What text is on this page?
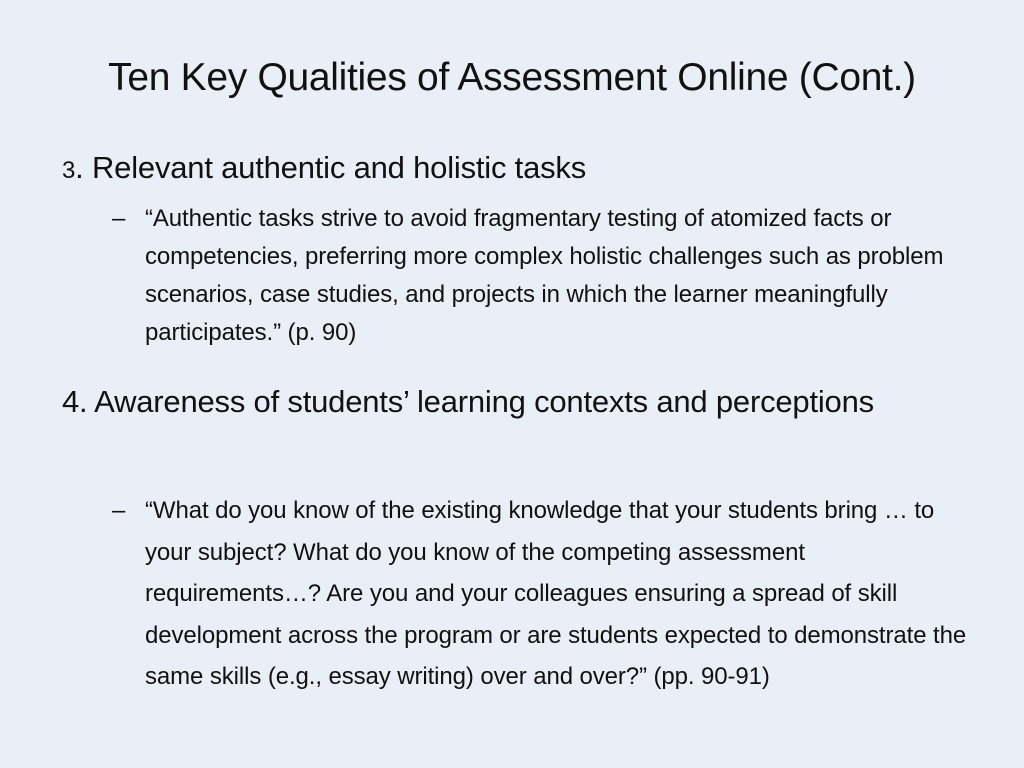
Ten Key Qualities of Assessment Online (Cont.)
3. Relevant authentic and holistic tasks
– “Authentic tasks strive to avoid fragmentary testing of atomized facts or competencies, preferring more complex holistic challenges such as problem scenarios, case studies, and projects in which the learner meaningfully participates.” (p. 90)
4. Awareness of students’ learning contexts and perceptions
– “What do you know of the existing knowledge that your students bring … to your subject? What do you know of the competing assessment requirements…? Are you and your colleagues ensuring a spread of skill development across the program or are students expected to demonstrate the same skills (e.g., essay writing) over and over?” (pp. 90-91)
